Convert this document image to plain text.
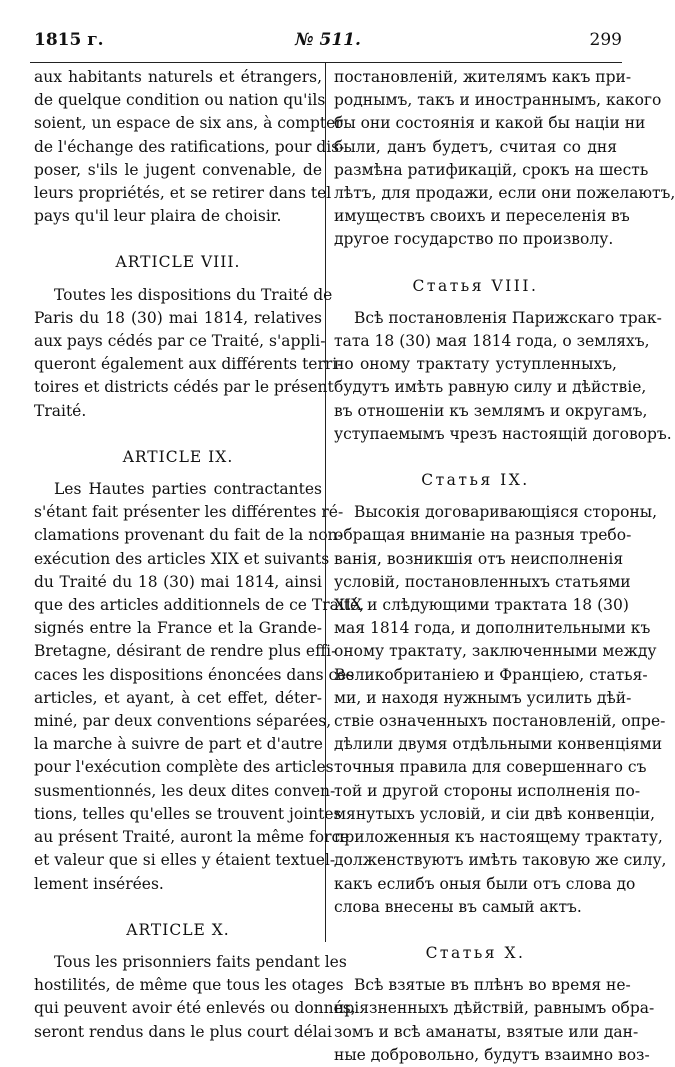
1815 г.	№ 511.	299
aux habitants naturels et étrangers,
de quelque condition ou nation qu'ils
soient, un espace de six ans, à compter
de l'échange des ratifications, pour dis-
poser, s'ils le jugent convenable, de
leurs propriétés, et se retirer dans tel
pays qu'il leur plaira de choisir.
ARTICLE VIII.
Toutes les dispositions du Traité de
Paris du 18 (30) mai 1814, relatives
aux pays cédés par ce Traité, s'appli-
queront également aux différents terri-
toires et districts cédés par le présent
Traité.
ARTICLE IX.
Les Hautes parties contractantes
s'étant fait présenter les différentes ré-
clamations provenant du fait de la non-
exécution des articles XIX et suivants
du Traité du 18 (30) mai 1814, ainsi
que des articles additionnels de ce Traité,
signés entre la France et la Grande-
Bretagne, désirant de rendre plus effi-
caces les dispositions énoncées dans ces
articles, et ayant, à cet effet, déter-
miné, par deux conventions séparées,
la marche à suivre de part et d'autre
pour l'exécution complète des articles
susmentionnés, les deux dites conven-
tions, telles qu'elles se trouvent jointes
au présent Traité, auront la même force
et valeur que si elles y étaient textuel-
lement insérées.
ARTICLE X.
Tous les prisonniers faits pendant les
hostilités, de même que tous les otages
qui peuvent avoir été enlevés ou donnés,
seront rendus dans le plus court délai
постановленій, жителямъ какъ при-
роднымъ, такъ и иностраннымъ, какого
бы они состоянія и какой бы націи ни
были, данъ будетъ, считая со дня
размѣна ратификацій, срокъ на шесть
лѣтъ, для продажи, если они пожелаютъ,
имуществъ своихъ и переселенія въ
другое государство по произволу.
Статья VIII.
Всѣ постановленія Парижскаго трак-
тата 18 (30) мая 1814 года, о земляхъ,
по оному трактату уступленныхъ,
будутъ имѣть равную силу и дѣйствіе,
въ отношеніи къ землямъ и округамъ,
уступаемымъ чрезъ настоящій договоръ.
Статья IX.
Высокія договаривающіяся стороны,
обращая вниманіе на разныя требо-
ванія, возникшія отъ неисполненія
условій, постановленныхъ статьями
XIX и слѣдующими трактата 18 (30)
мая 1814 года, и дополнительными къ
оному трактату, заключенными между
Великобританіею и Франціею, статья-
ми, и находя нужнымъ усилить дѣй-
ствіе означенныхъ постановленій, опре-
дѣлили двумя отдѣльными конвенціями
точныя правила для совершеннаго съ
той и другой стороны исполненія по-
мянутыхъ условій, и сіи двѣ конвенціи,
приложенныя къ настоящему трактату,
долженствуютъ имѣть таковую же силу,
какъ еслибъ оныя были отъ слова до
слова внесены въ самый актъ.
Статья X.
Всѣ взятые въ плѣнъ во время не-
пріязненныхъ дѣйствій, равнымъ обра-
зомъ и всѣ аманаты, взятые или дан-
ные добровольно, будутъ взаимно воз-
